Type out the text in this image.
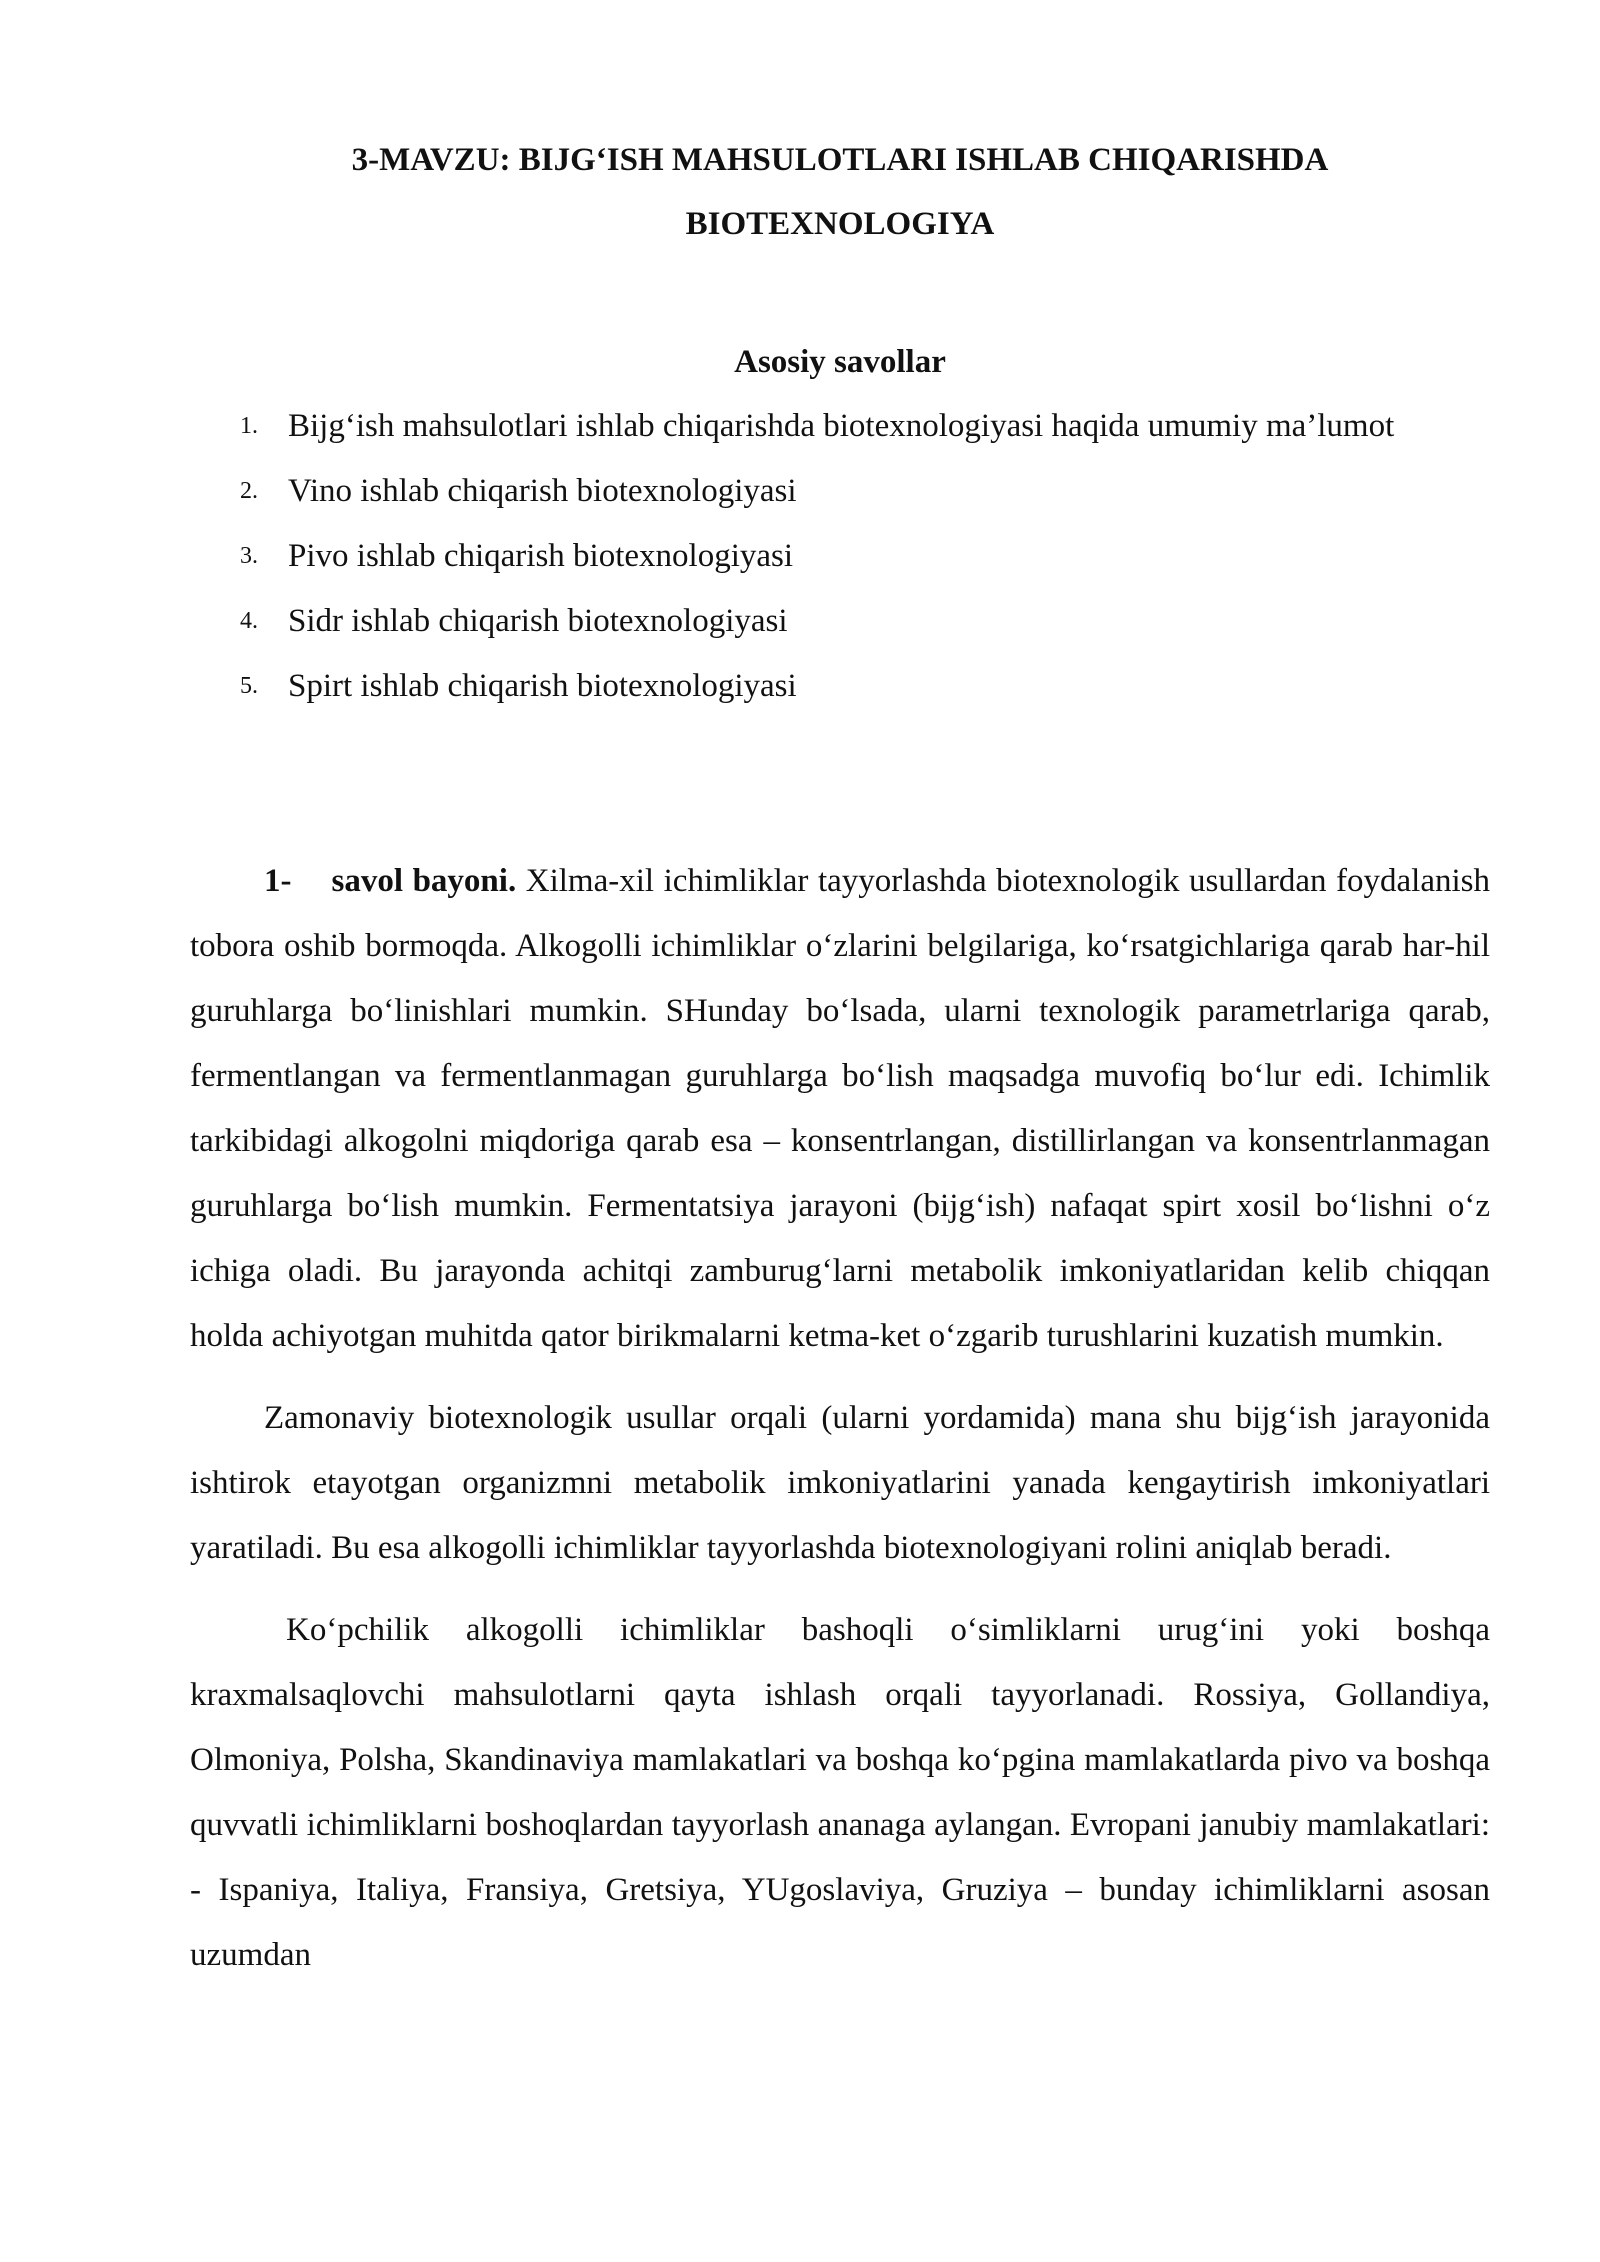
3-MAVZU: BIJG‘ISH MAHSULOTLARI ISHLAB CHIQARISHDA
BIOTEXNOLOGIYA
Asosiy savollar
1. Bijg‘ish mahsulotlari ishlab chiqarishda biotexnologiyasi haqida umumiy ma’lumot
2. Vino ishlab chiqarish biotexnologiyasi
3. Pivo ishlab chiqarish biotexnologiyasi
4. Sidr ishlab chiqarish biotexnologiyasi
5. Spirt ishlab chiqarish biotexnologiyasi

1- savol bayoni. Xilma-xil ichimliklar tayyorlashda biotexnologik usullardan foydalanish tobora oshib bormoqda. Alkogolli ichimliklar o‘zlarini belgilariga, ko‘rsatgichlariga qarab har-hil guruhlarga bo‘linishlari mumkin. SHunday bo‘lsada, ularni texnologik parametrlariga qarab, fermentlangan va fermentlanmagan guruhlarga bo‘lish maqsadga muvofiq bo‘lur edi. Ichimlik tarkibidagi alkogolni miqdoriga qarab esa – konsentrlangan, distillirlangan va konsentrlanmagan guruhlarga bo‘lish mumkin. Fermentatsiya jarayoni (bijg‘ish) nafaqat spirt xosil bo‘lishni o‘z ichiga oladi. Bu jarayonda achitqi zamburug‘larni metabolik imkoniyatlaridan kelib chiqqan holda achiyotgan muhitda qator birikmalarni ketma-ket o‘zgarib turushlarini kuzatish mumkin.

Zamonaviy biotexnologik usullar orqali (ularni yordamida) mana shu bijg‘ish jarayonida ishtirok etayotgan organizmni metabolik imkoniyatlarini yanada kengaytirish imkoniyatlari yaratiladi. Bu esa alkogolli ichimliklar tayyorlashda biotexnologiyani rolini aniqlab beradi.

Ko‘pchilik alkogolli ichimliklar bashoqli o‘simliklarni urug‘ini yoki boshqa kraxmalsaqlovchi mahsulotlarni qayta ishlash orqali tayyorlanadi. Rossiya, Gollandiya, Olmoniya, Polsha, Skandinaviya mamlakatlari va boshqa ko‘pgina mamlakatlarda pivo va boshqa quvvatli ichimliklarni boshoqlardan tayyorlash ananaga aylangan. Evropani janubiy mamlakatlari: - Ispaniya, Italiya, Fransiya, Gretsiya, YUgoslaviya, Gruziya – bunday ichimliklarni asosan uzumdan
